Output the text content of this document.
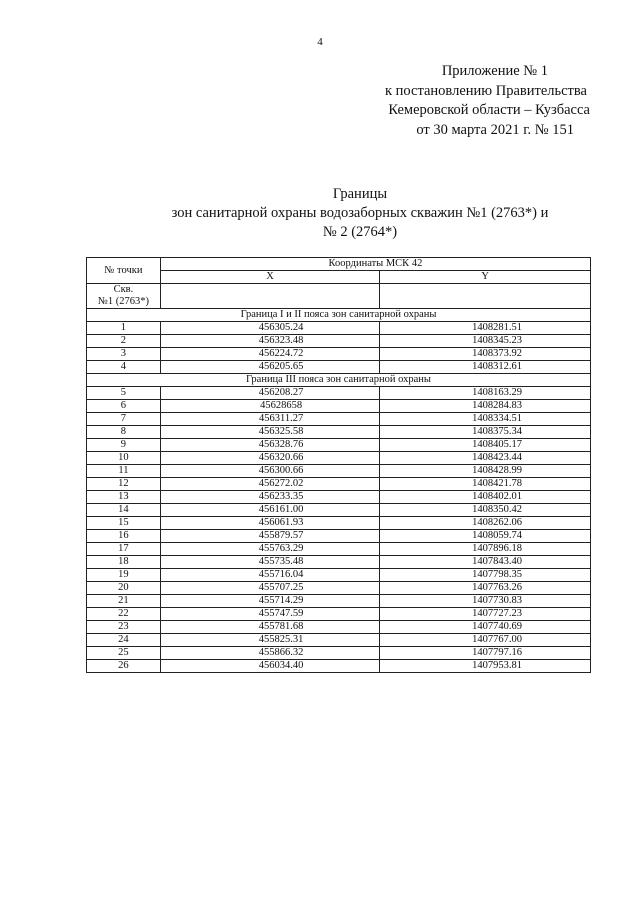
4
Приложение № 1
к постановлению Правительства
Кемеровской области – Кузбасса
от 30 марта 2021 г. № 151
Границы
зон санитарной охраны водозаборных скважин №1 (2763*) и
№ 2 (2764*)
№ точки	Координаты МСК 42	
	X	Y
Скв.
№1 (2763*)		
Граница I и II пояса зон санитарной охраны		
1	456305.24	1408281.51
2	456323.48	1408345.23
3	456224.72	1408373.92
4	456205.65	1408312.61
Граница III пояса зон санитарной охраны		
5	456208.27	1408163.29
6	45628658	1408284.83
7	456311.27	1408334.51
8	456325.58	1408375.34
9	456328.76	1408405.17
10	456320.66	1408423.44
11	456300.66	1408428.99
12	456272.02	1408421.78
13	456233.35	1408402.01
14	456161.00	1408350.42
15	456061.93	1408262.06
16	455879.57	1408059.74
17	455763.29	1407896.18
18	455735.48	1407843.40
19	455716.04	1407798.35
20	455707.25	1407763.26
21	455714.29	1407730.83
22	455747.59	1407727.23
23	455781.68	1407740.69
24	455825.31	1407767.00
25	455866.32	1407797.16
26	456034.40	1407953.81
